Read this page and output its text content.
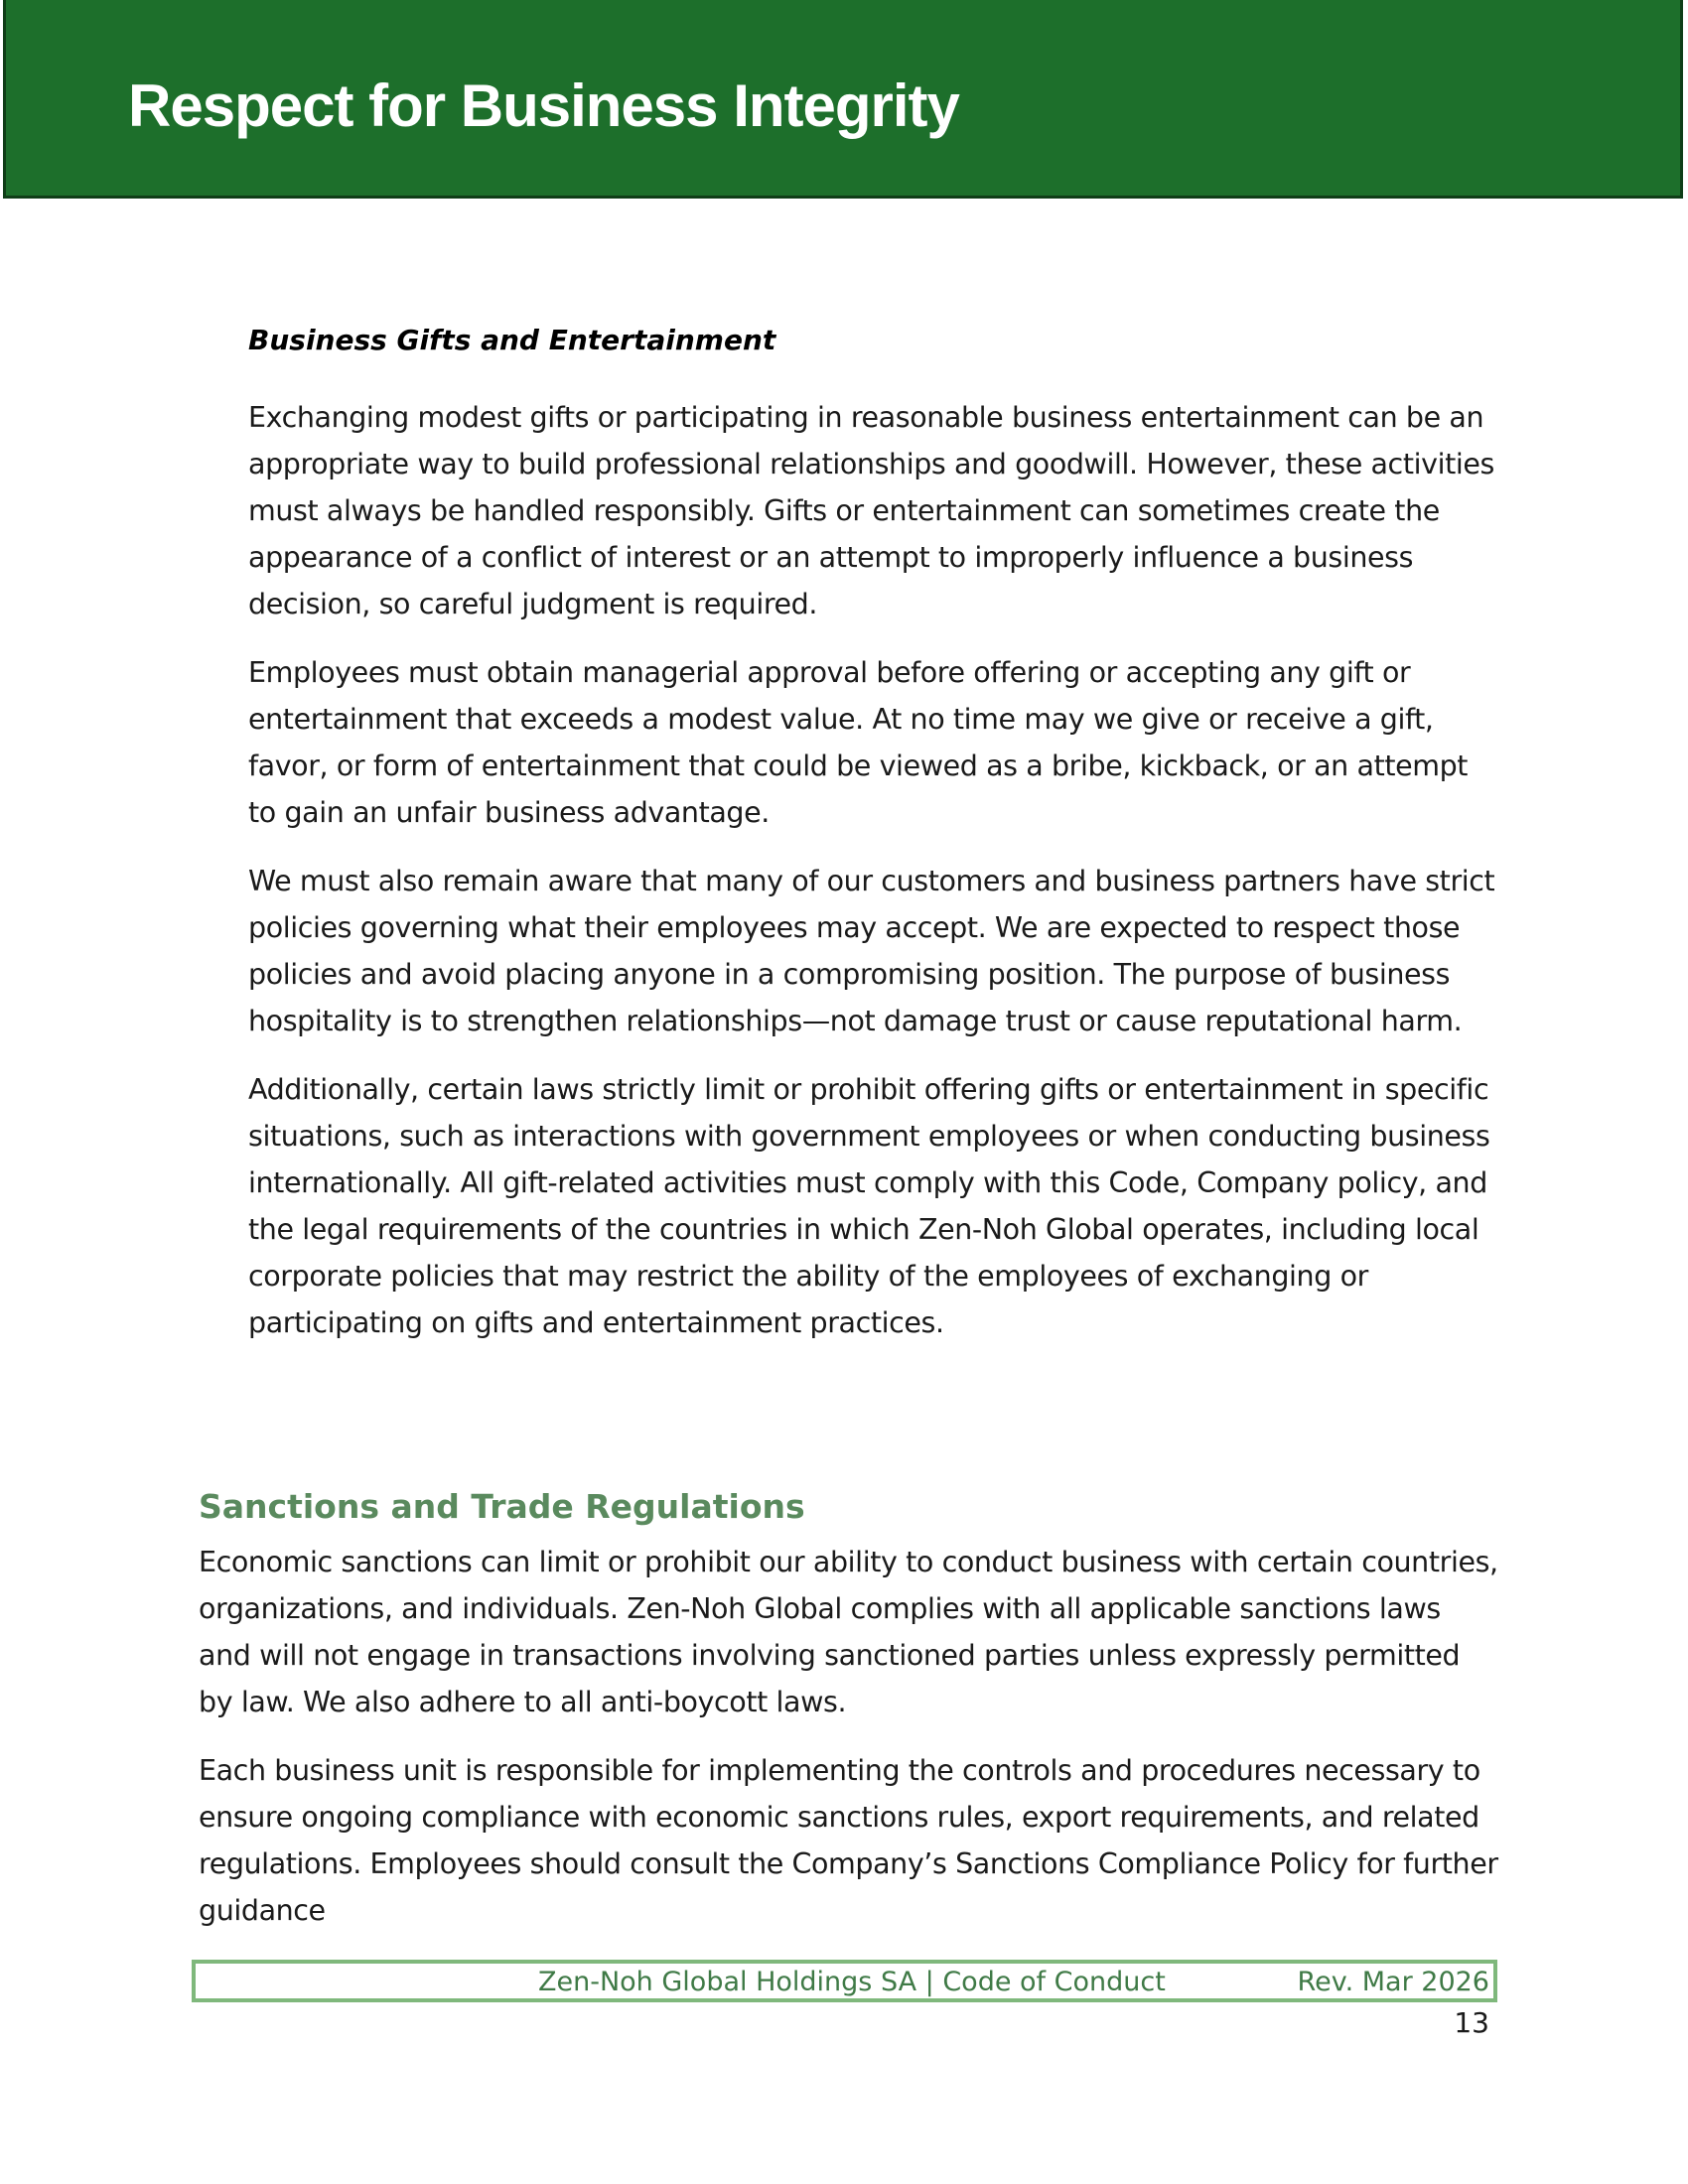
Respect for Business Integrity
Business Gifts and Entertainment

Exchanging modest gifts or participating in reasonable business entertainment can be an appropriate way to build professional relationships and goodwill. However, these activities must always be handled responsibly. Gifts or entertainment can sometimes create the appearance of a conflict of interest or an attempt to improperly influence a business decision, so careful judgment is required.

Employees must obtain managerial approval before offering or accepting any gift or entertainment that exceeds a modest value. At no time may we give or receive a gift, favor, or form of entertainment that could be viewed as a bribe, kickback, or an attempt to gain an unfair business advantage.

We must also remain aware that many of our customers and business partners have strict policies governing what their employees may accept. We are expected to respect those policies and avoid placing anyone in a compromising position. The purpose of business hospitality is to strengthen relationships—not damage trust or cause reputational harm.

Additionally, certain laws strictly limit or prohibit offering gifts or entertainment in specific situations, such as interactions with government employees or when conducting business internationally. All gift-related activities must comply with this Code, Company policy, and the legal requirements of the countries in which Zen-Noh Global operates, including local corporate policies that may restrict the ability of the employees of exchanging or participating on gifts and entertainment practices.

Sanctions and Trade Regulations

Economic sanctions can limit or prohibit our ability to conduct business with certain countries, organizations, and individuals. Zen-Noh Global complies with all applicable sanctions laws and will not engage in transactions involving sanctioned parties unless expressly permitted by law. We also adhere to all anti-boycott laws.

Each business unit is responsible for implementing the controls and procedures necessary to ensure ongoing compliance with economic sanctions rules, export requirements, and related regulations. Employees should consult the Company’s Sanctions Compliance Policy for further guidance

Zen-Noh Global Holdings SA | Code of Conduct	Rev. Mar 2026
13
